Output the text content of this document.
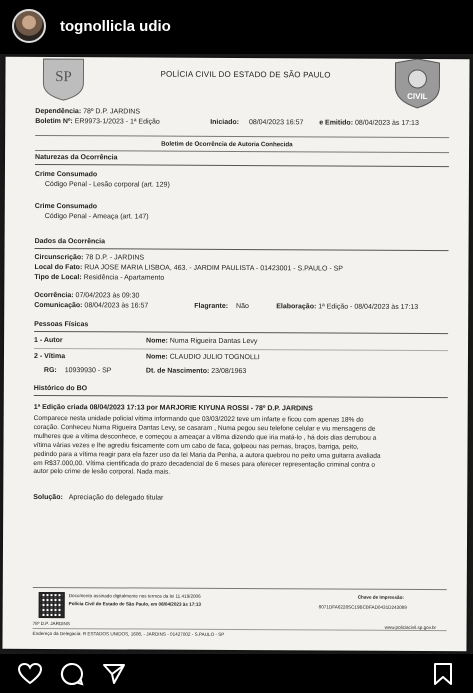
tognollicla udio
SP
CIVIL
POLÍCIA CIVIL DO ESTADO DE SÃO PAULO
Dependência: 78º D.P. JARDINS
Boletim Nº: ER9973-1/2023 - 1ª Edição	Iniciado: 08/04/2023 16:57 e Emitido: 08/04/2023 às 17:13
Boletim de Ocorrência de Autoria Conhecida
Naturezas da Ocorrência
Crime Consumado
Código Penal - Lesão corporal (art. 129)
Crime Consumado
Código Penal - Ameaça (art. 147)
Dados da Ocorrência
Circunscrição: 78 D.P. - JARDINS
Local do Fato: RUA JOSE MARIA LISBOA, 463. - JARDIM PAULISTA - 01423001 - S.PAULO - SP
Tipo de Local: Residência - Apartamento
Ocorrência: 07/04/2023 às 09:30
Comunicação: 08/04/2023 às 16:57	Flagrante: Não	Elaboração: 1ª Edição - 08/04/2023 às 17:13
Pessoas Físicas
1 - Autor	Nome: Numa Rigueira Dantas Levy
2 - Vítima	Nome: CLAUDIO JULIO TOGNOLLI
RG: 10939930 - SP	Dt. de Nascimento: 23/08/1963
Histórico do BO
1ª Edição criada 08/04/2023 17:13 por MARJORIE KIYUNA ROSSI - 78º D.P. JARDINS
Comparece nesta unidade policial vítima informando que 03/03/2022 teve um infarte e ficou com apenas 18% do
coração. Conheceu Numa Rigueira Dantas Levy, se casaram , Numa pegou seu telefone celular e viu mensagens de
mulheres que a vítima desconhece, e começou a ameaçar a vítima dizendo que iria matá-lo , há dois dias derrubou a
vítima várias vezes e lhe agrediu fisicamente com um cabo de faca, golpeou nas pernas, braços, barriga, peito,
pedindo para a vítima reagir para ela fazer uso da lei Maria da Penha, a autora quebrou no peito uma guitarra avaliada
em R$37.000,00. Vítima cientificada do prazo decadencial de 6 meses para oferecer representação criminal contra o
autor pelo crime de lesão corporal. Nada mais.
Solução: Apreciação do delegado titular
Documento assinado digitalmente nos termos da lei 11.419/2006
Polícia Civil do Estado de São Paulo, em 08/04/2023 às 17:13
Chave de Impressão:
8071DFA6228SC19BCBFAD0431D243089
78º D.P. JARDINS
Endereço da Delegacia: R ESTADOS UNIDOS, 1608, - JARDINS - 01427002 - S.PAULO - SP
www.policiacivil.sp.gov.br
